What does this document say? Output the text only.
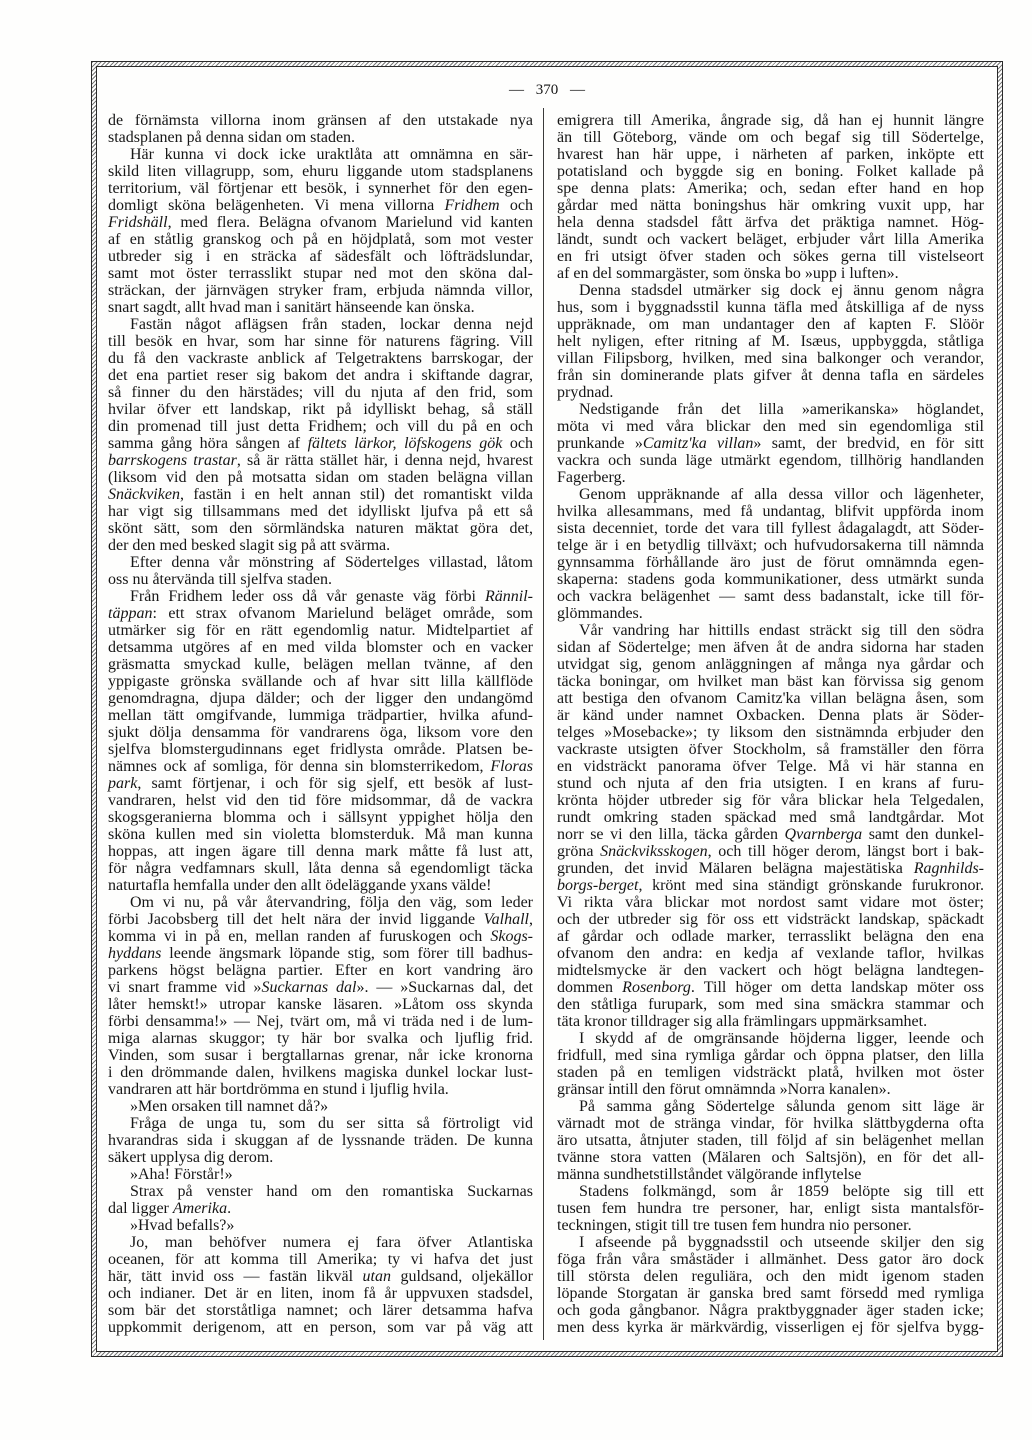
— 370 —
de förnämsta villorna inom gränsen af den utstakade nya
stadsplanen på denna sidan om staden.
Här kunna vi dock icke uraktlåta att omnämna en sär-
skild liten villagrupp, som, ehuru liggande utom stadsplanens
territorium, väl förtjenar ett besök, i synnerhet för den egen-
domligt sköna belägenheten. Vi mena villorna Fridhem och
Fridshäll, med flera. Belägna ofvanom Marielund vid kanten
af en ståtlig granskog och på en höjdplatå, som mot vester
utbreder sig i en sträcka af sädesfält och löfträdslundar,
samt mot öster terrasslikt stupar ned mot den sköna dal-
sträckan, der järnvägen stryker fram, erbjuda nämnda villor,
snart sagdt, allt hvad man i sanitärt hänseende kan önska.
Fastän något aflägsen från staden, lockar denna nejd
till besök en hvar, som har sinne för naturens fägring. Vill
du få den vackraste anblick af Telgetraktens barrskogar, der
det ena partiet reser sig bakom det andra i skiftande dagrar,
så finner du den härstädes; vill du njuta af den frid, som
hvilar öfver ett landskap, rikt på idylliskt behag, så ställ
din promenad till just detta Fridhem; och vill du på en och
samma gång höra sången af fältets lärkor, löfskogens gök och
barrskogens trastar, så är rätta stället här, i denna nejd, hvarest
(liksom vid den på motsatta sidan om staden belägna villan
Snäckviken, fastän i en helt annan stil) det romantiskt vilda
har vigt sig tillsammans med det idylliskt ljufva på ett så
skönt sätt, som den sörmländska naturen mäktat göra det,
der den med besked slagit sig på att svärma.
Efter denna vår mönstring af Södertelges villastad, låtom
oss nu återvända till sjelfva staden.
Från Fridhem leder oss då vår genaste väg förbi Rännil-
täppan: ett strax ofvanom Marielund beläget område, som
utmärker sig för en rätt egendomlig natur. Midtelpartiet af
detsamma utgöres af en med vilda blomster och en vacker
gräsmatta smyckad kulle, belägen mellan tvänne, af den
yppigaste grönska svällande och af hvar sitt lilla källflöde
genomdragna, djupa dälder; och der ligger den undangömd
mellan tätt omgifvande, lummiga trädpartier, hvilka afund-
sjukt dölja densamma för vandrarens öga, liksom vore den
sjelfva blomstergudinnans eget fridlysta område. Platsen be-
nämnes ock af somliga, för denna sin blomsterrikedom, Floras
park, samt förtjenar, i och för sig sjelf, ett besök af lust-
vandraren, helst vid den tid före midsommar, då de vackra
skogsgeranierna blomma och i sällsynt yppighet hölja den
sköna kullen med sin violetta blomsterduk. Må man kunna
hoppas, att ingen ägare till denna mark måtte få lust att,
för några vedfamnars skull, låta denna så egendomligt täcka
naturtafla hemfalla under den allt ödeläggande yxans välde!
Om vi nu, på vår återvandring, följa den väg, som leder
förbi Jacobsberg till det helt nära der invid liggande Valhall,
komma vi in på en, mellan randen af furuskogen och Skogs-
hyddans leende ängsmark löpande stig, som förer till badhus-
parkens högst belägna partier. Efter en kort vandring äro
vi snart framme vid »Suckarnas dal». — »Suckarnas dal, det
låter hemskt!» utropar kanske läsaren. »Låtom oss skynda
förbi densamma!» — Nej, tvärt om, må vi träda ned i de lum-
miga alarnas skuggor; ty här bor svalka och ljuflig frid.
Vinden, som susar i bergtallarnas grenar, når icke kronorna
i den drömmande dalen, hvilkens magiska dunkel lockar lust-
vandraren att här bortdrömma en stund i ljuflig hvila.
»Men orsaken till namnet då?»
Fråga de unga tu, som du ser sitta så förtroligt vid
hvarandras sida i skuggan af de lyssnande träden. De kunna
säkert upplysa dig derom.
»Aha! Förstår!»
Strax på venster hand om den romantiska Suckarnas
dal ligger Amerika.
»Hvad befalls?»
Jo, man behöfver numera ej fara öfver Atlantiska
oceanen, för att komma till Amerika; ty vi hafva det just
här, tätt invid oss — fastän likväl utan guldsand, oljekällor
och indianer. Det är en liten, inom få år uppvuxen stadsdel,
som bär det storståtliga namnet; och lärer detsamma hafva
uppkommit derigenom, att en person, som var på väg att
emigrera till Amerika, ångrade sig, då han ej hunnit längre
än till Göteborg, vände om och begaf sig till Södertelge,
hvarest han här uppe, i närheten af parken, inköpte ett
potatisland och byggde sig en boning. Folket kallade på
spe denna plats: Amerika; och, sedan efter hand en hop
gårdar med nätta boningshus här omkring vuxit upp, har
hela denna stadsdel fått ärfva det präktiga namnet. Hög-
ländt, sundt och vackert beläget, erbjuder vårt lilla Amerika
en fri utsigt öfver staden och sökes gerna till vistelseort
af en del sommargäster, som önska bo »upp i luften».
Denna stadsdel utmärker sig dock ej ännu genom några
hus, som i byggnadsstil kunna täfla med åtskilliga af de nyss
uppräknade, om man undantager den af kapten F. Slöör
helt nyligen, efter ritning af M. Isæus, uppbyggda, ståtliga
villan Filipsborg, hvilken, med sina balkonger och verandor,
från sin dominerande plats gifver åt denna tafla en särdeles
prydnad.
Nedstigande från det lilla »amerikanska» höglandet,
möta vi med våra blickar den med sin egendomliga stil
prunkande »Camitz'ka villan» samt, der bredvid, en för sitt
vackra och sunda läge utmärkt egendom, tillhörig handlanden
Fagerberg.
Genom uppräknande af alla dessa villor och lägenheter,
hvilka allesammans, med få undantag, blifvit uppförda inom
sista decenniet, torde det vara till fyllest ådagalagdt, att Söder-
telge är i en betydlig tillväxt; och hufvudorsakerna till nämnda
gynnsamma förhållande äro just de förut omnämnda egen-
skaperna: stadens goda kommunikationer, dess utmärkt sunda
och vackra belägenhet — samt dess badanstalt, icke till för-
glömmandes.
Vår vandring har hittills endast sträckt sig till den södra
sidan af Södertelge; men äfven åt de andra sidorna har staden
utvidgat sig, genom anläggningen af många nya gårdar och
täcka boningar, om hvilket man bäst kan förvissa sig genom
att bestiga den ofvanom Camitz'ka villan belägna åsen, som
är känd under namnet Oxbacken. Denna plats är Söder-
telges »Mosebacke»; ty liksom den sistnämnda erbjuder den
vackraste utsigten öfver Stockholm, så framställer den förra
en vidsträckt panorama öfver Telge. Må vi här stanna en
stund och njuta af den fria utsigten. I en krans af furu-
krönta höjder utbreder sig för våra blickar hela Telgedalen,
rundt omkring staden späckad med små landtgårdar. Mot
norr se vi den lilla, täcka gården Qvarnberga samt den dunkel-
gröna Snäckviksskogen, och till höger derom, längst bort i bak-
grunden, det invid Mälaren belägna majestätiska Ragnhilds-
borgs-berget, krönt med sina ständigt grönskande furukronor.
Vi rikta våra blickar mot nordost samt vidare mot öster;
och der utbreder sig för oss ett vidsträckt landskap, späckadt
af gårdar och odlade marker, terrasslikt belägna den ena
ofvanom den andra: en kedja af vexlande taflor, hvilkas
midtelsmycke är den vackert och högt belägna landtegen-
dommen Rosenborg. Till höger om detta landskap möter oss
den ståtliga furupark, som med sina smäckra stammar och
täta kronor tilldrager sig alla främlingars uppmärksamhet.
I skydd af de omgränsande höjderna ligger, leende och
fridfull, med sina rymliga gårdar och öppna platser, den lilla
staden på en temligen vidsträckt platå, hvilken mot öster
gränsar intill den förut omnämnda »Norra kanalen».
På samma gång Södertelge sålunda genom sitt läge är
värnadt mot de stränga vindar, för hvilka slättbygderna ofta
äro utsatta, åtnjuter staden, till följd af sin belägenhet mellan
tvänne stora vatten (Mälaren och Saltsjön), en för det all-
männa sundhetstillståndet välgörande inflytelse
Stadens folkmängd, som år 1859 belöpte sig till ett
tusen fem hundra tre personer, har, enligt sista mantalsför-
teckningen, stigit till tre tusen fem hundra nio personer.
I afseende på byggnadsstil och utseende skiljer den sig
föga från våra småstäder i allmänhet. Dess gator äro dock
till största delen reguliära, och den midt igenom staden
löpande Storgatan är ganska bred samt försedd med rymliga
och goda gångbanor. Några praktbyggnader äger staden icke;
men dess kyrka är märkvärdig, visserligen ej för sjelfva bygg-
